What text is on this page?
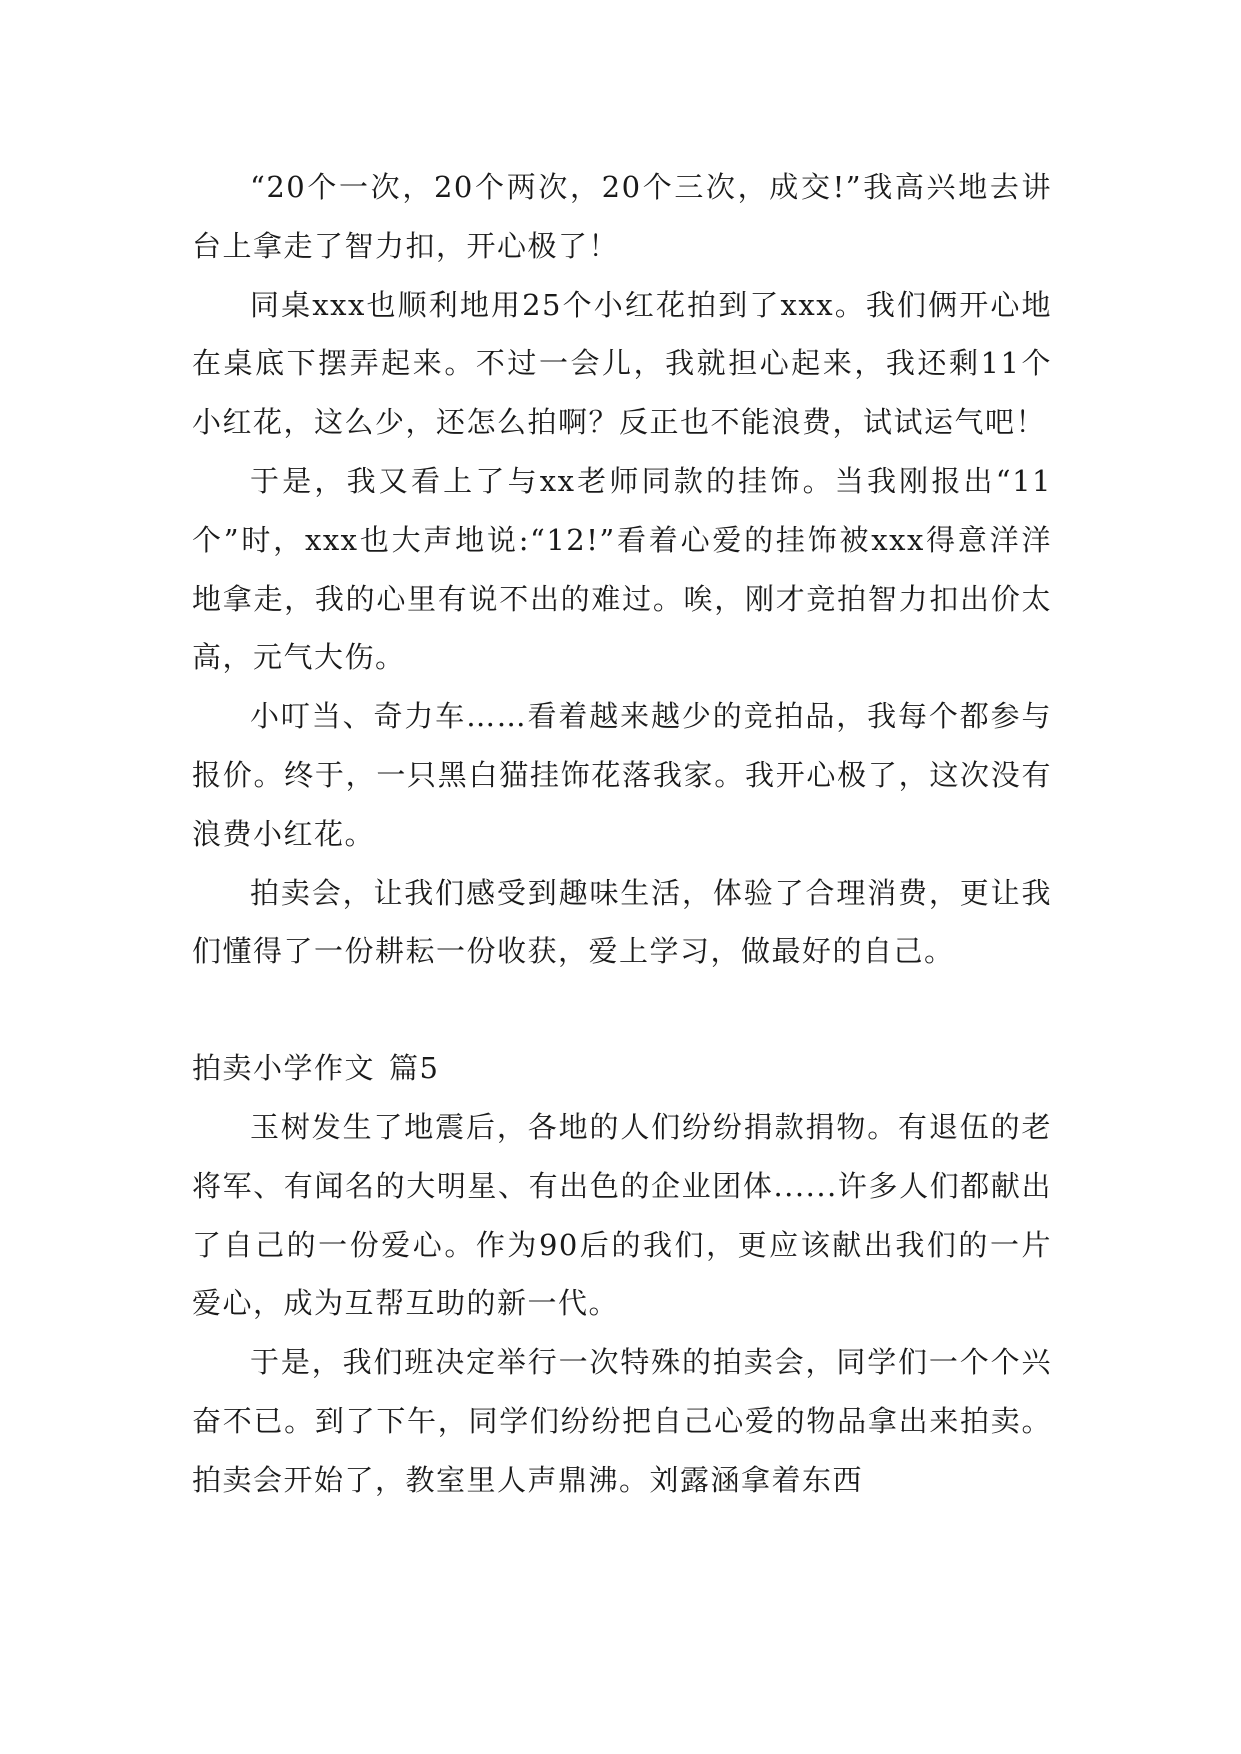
“20个一次，20个两次，20个三次，成交!”我高兴地去讲台上拿走了智力扣，开心极了！

同桌xxx也顺利地用25个小红花拍到了xxx。我们俩开心地在桌底下摆弄起来。不过一会儿，我就担心起来，我还剩11个小红花，这么少，还怎么拍啊？反正也不能浪费，试试运气吧！

于是，我又看上了与xx老师同款的挂饰。当我刚报出“11个”时，xxx也大声地说:“12!”看着心爱的挂饰被xxx得意洋洋地拿走，我的心里有说不出的难过。唉，刚才竞拍智力扣出价太高，元气大伤。

小叮当、奇力车……看着越来越少的竞拍品，我每个都参与报价。终于，一只黑白猫挂饰花落我家。我开心极了，这次没有浪费小红花。

拍卖会，让我们感受到趣味生活，体验了合理消费，更让我们懂得了一份耕耘一份收获，爱上学习，做最好的自己。

拍卖小学作文 篇5

玉树发生了地震后，各地的人们纷纷捐款捐物。有退伍的老将军、有闻名的大明星、有出色的企业团体......许多人们都献出了自己的一份爱心。作为90后的我们，更应该献出我们的一片爱心，成为互帮互助的新一代。

于是，我们班决定举行一次特殊的拍卖会，同学们一个个兴奋不已。到了下午，同学们纷纷把自己心爱的物品拿出来拍卖。拍卖会开始了，教室里人声鼎沸。刘露涵拿着东西
